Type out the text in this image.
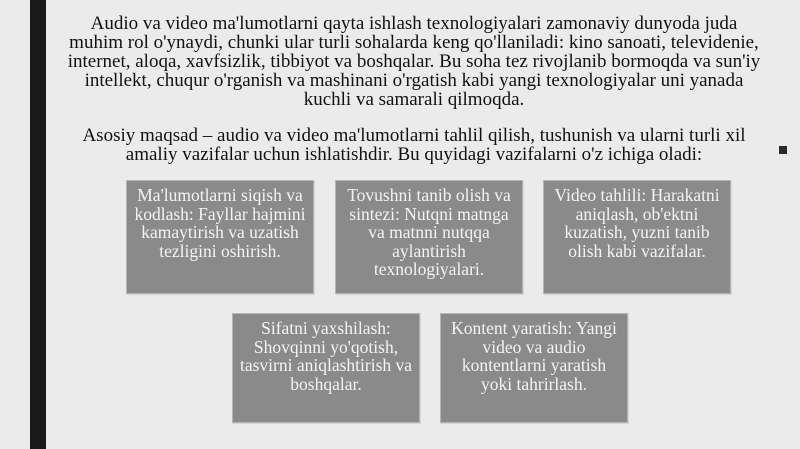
Audio va video ma'lumotlarni qayta ishlash texnologiyalari zamonaviy dunyoda juda muhim rol o'ynaydi, chunki ular turli sohalarda keng qo'llaniladi: kino sanoati, televidenie, internet, aloqa, xavfsizlik, tibbiyot va boshqalar. Bu soha tez rivojlanib bormoqda va sun'iy intellekt, chuqur o'rganish va mashinani o'rgatish kabi yangi texnologiyalar uni yanada kuchli va samarali qilmoqda.

Asosiy maqsad – audio va video ma'lumotlarni tahlil qilish, tushunish va ularni turli xil amaliy vazifalar uchun ishlatishdir. Bu quyidagi vazifalarni o'z ichiga oladi:

Ma'lumotlarni siqish va kodlash: Fayllar hajmini kamaytirish va uzatish tezligini oshirish.
Tovushni tanib olish va sintezi: Nutqni matnga va matnni nutqqa aylantirish texnologiyalari.
Video tahlili: Harakatni aniqlash, ob'ektni kuzatish, yuzni tanib olish kabi vazifalar.
Sifatni yaxshilash: Shovqinni yo'qotish, tasvirni aniqlashtirish va boshqalar.
Kontent yaratish: Yangi video va audio kontentlarni yaratish yoki tahrirlash.
